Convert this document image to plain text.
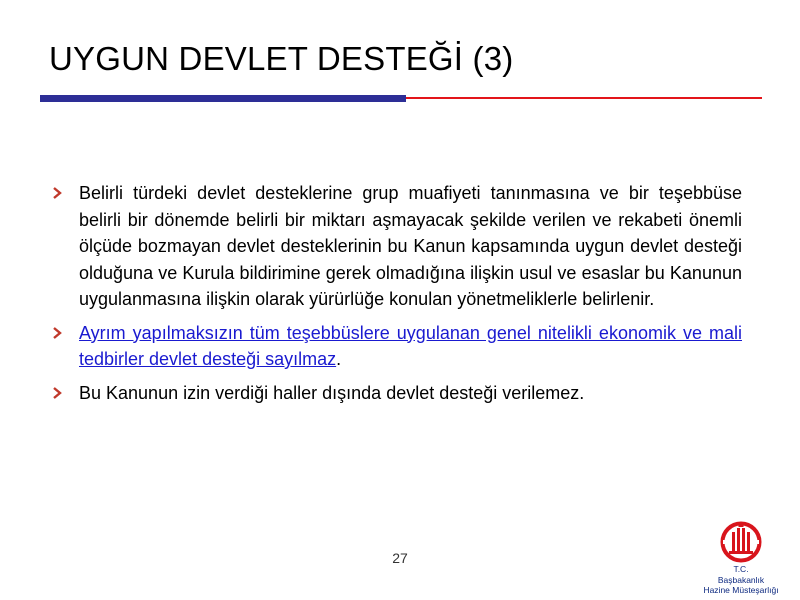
UYGUN DEVLET DESTEĞİ (3)
Belirli türdeki devlet desteklerine grup muafiyeti tanınmasına ve bir teşebbüse belirli bir dönemde belirli bir miktarı aşmayacak şekilde verilen ve rekabeti önemli ölçüde bozmayan devlet desteklerinin bu Kanun kapsamında uygun devlet desteği olduğuna ve Kurula bildirimine gerek olmadığına ilişkin usul ve esaslar bu Kanunun uygulanmasına ilişkin olarak yürürlüğe konulan yönetmeliklerle belirlenir.
Ayrım yapılmaksızın tüm teşebbüslere uygulanan genel nitelikli ekonomik ve mali tedbirler devlet desteği sayılmaz.
Bu Kanunun izin verdiği haller dışında devlet desteği verilemez.
27
T.C.
Başbakanlık
Hazine Müsteşarlığı
